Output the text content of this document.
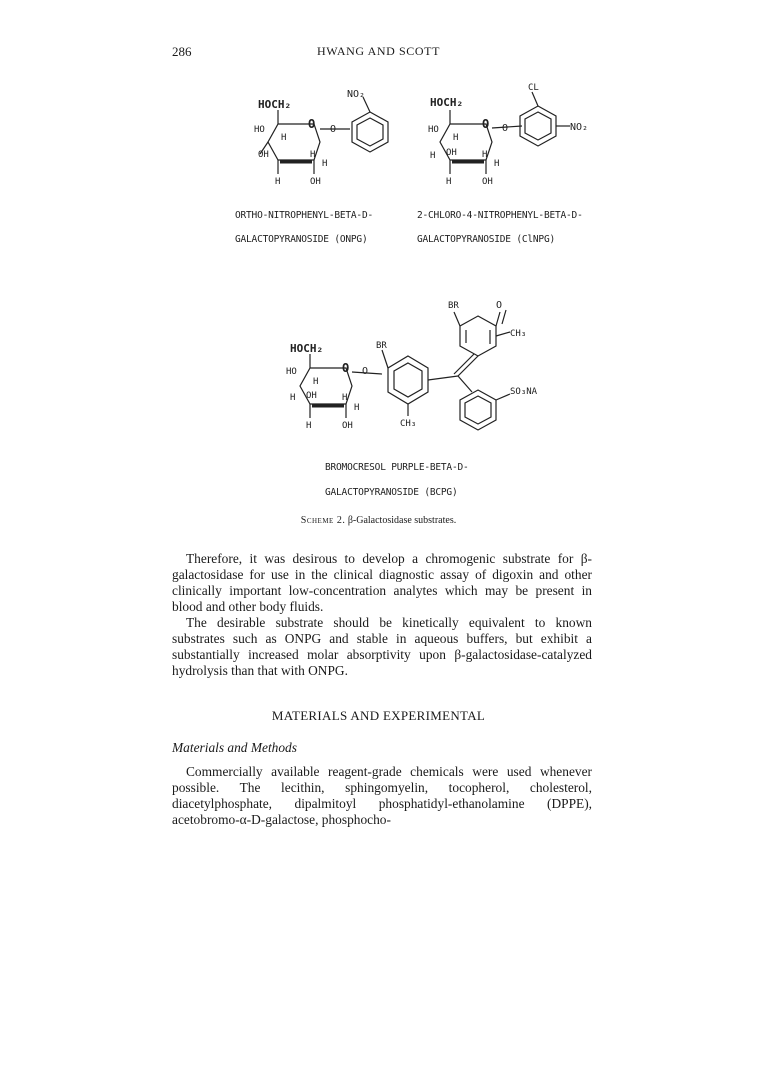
286	HWANG AND SCOTT
HOCH₂
HO	O O
NO₂
H
OH	H
H
H	OH
HOCH₂
HO	O O
CL
NO₂
H
OH
H	H
H
H	OH
ORTHO-NITROPHENYL-BETA-D-
GALACTOPYRANOSIDE (ONPG)
2-CHLORO-4-NITROPHENYL-BETA-D-
GALACTOPYRANOSIDE (ClNPG)
HOCH₂
HO	O O
BR
CH₃
BR	O
CH₃
SO₃NA
H
OH
H	H
H
H	OH
BROMOCRESOL PURPLE-BETA-D-
GALACTOPYRANOSIDE (BCPG)
Scheme 2. β-Galactosidase substrates.

Therefore, it was desirous to develop a chromogenic substrate for β-galactosidase for use in the clinical diagnostic assay of digoxin and other clinically important low-concentration analytes which may be present in blood and other body fluids.

The desirable substrate should be kinetically equivalent to known substrates such as ONPG and stable in aqueous buffers, but exhibit a substantially increased molar absorptivity upon β-galactosidase-catalyzed hydrolysis than that with ONPG.

MATERIALS AND EXPERIMENTAL
Materials and Methods

Commercially available reagent-grade chemicals were used whenever possible. The lecithin, sphingomyelin, tocopherol, cholesterol, diacetylphosphate, dipalmitoyl phosphatidyl-ethanolamine (DPPE), acetobromo-α-D-galactose, phosphocho-
